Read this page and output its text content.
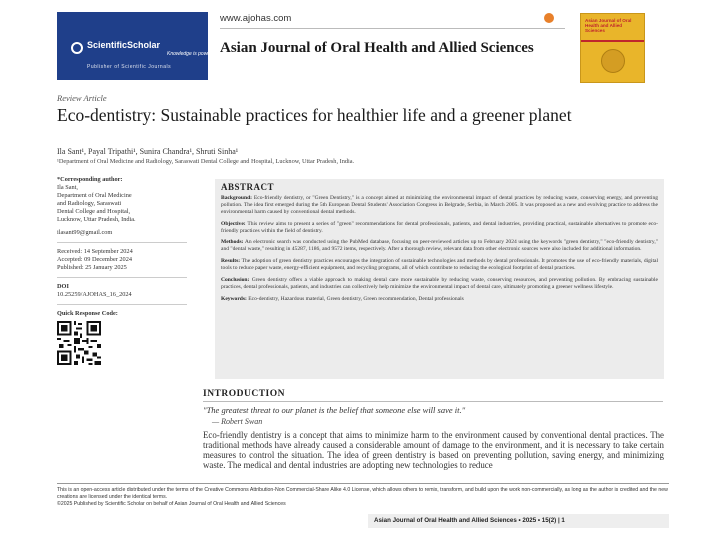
ScientificScholar
Knowledge is power
Publisher of Scientific Journals
www.ajohas.com
Asian Journal of Oral Health and Allied Sciences
Asian Journal of Oral Health and Allied Sciences
Review Article
Eco-dentistry: Sustainable practices for healthier life and a greener planet
Ila Sant¹, Payal Tripathi¹, Sunira Chandra¹, Shruti Sinha¹
¹Department of Oral Medicine and Radiology, Saraswati Dental College and Hospital, Lucknow, Uttar Pradesh, India.
*Corresponding author:
Ila Sant,
Department of Oral Medicine
and Radiology, Saraswati
Dental College and Hospital,
Lucknow, Uttar Pradesh, India.
ilasant99@gmail.com
Received: 14 September 2024
Accepted: 09 December 2024
Published: 25 January 2025
DOI
10.25259/AJOHAS_16_2024
Quick Response Code:
ABSTRACT

Background: Eco-friendly dentistry, or "Green Dentistry," is a concept aimed at minimizing the environmental impact of dental practices by reducing waste, conserving energy, and preventing pollution. The idea first emerged during the 5th European Dental Students' Association Congress in Belgrade, Serbia, in March 2005. It was proposed as a new and evolving practice to address the environmental harm caused by conventional dental methods.

Objective: This review aims to present a series of "green" recommendations for dental professionals, patients, and dental industries, providing practical, sustainable alternatives to promote eco-friendly practices within the field of dentistry.

Methods: An electronic search was conducted using the PubMed database, focusing on peer-reviewed articles up to February 2024 using the keywords "green dentistry," "eco-friendly dentistry," and "dental waste," resulting in 45287, 1186, and 9572 items, respectively. After a thorough review, relevant data from other electronic sources were also included for additional information.

Results: The adoption of green dentistry practices encourages the integration of sustainable technologies and methods by dental professionals. It promotes the use of eco-friendly materials, digital tools to reduce paper waste, energy-efficient equipment, and recycling programs, all of which contribute to reducing the ecological footprint of dental practices.

Conclusion: Green dentistry offers a viable approach to making dental care more sustainable by reducing waste, conserving resources, and preventing pollution. By embracing sustainable practices, dental professionals, patients, and industries can collectively help minimize the environmental impact of dental care, ultimately promoting a greener wellness lifestyle.

Keywords: Eco-dentistry, Hazardous material, Green dentistry, Green recommendation, Dental professionals

INTRODUCTION
"The greatest threat to our planet is the belief that someone else will save it."
— Robert Swan
Eco-friendly dentistry is a concept that aims to minimize harm to the environment caused by conventional dental practices. The traditional methods have already caused a considerable amount of damage to the environment, and it is necessary to take certain measures to control the situation. The idea of green dentistry is based on preventing pollution, saving energy, and minimizing waste. The medical and dental industries are adopting new technologies to reduce
This is an open-access article distributed under the terms of the Creative Commons Attribution-Non Commercial-Share Alike 4.0 License, which allows others to remix, transform, and build upon the work non-commercially, as long as the author is credited and the new creations are licensed under the identical terms.
©2025 Published by Scientific Scholar on behalf of Asian Journal of Oral Health and Allied Sciences
Asian Journal of Oral Health and Allied Sciences • 2025 • 15(2) | 1
